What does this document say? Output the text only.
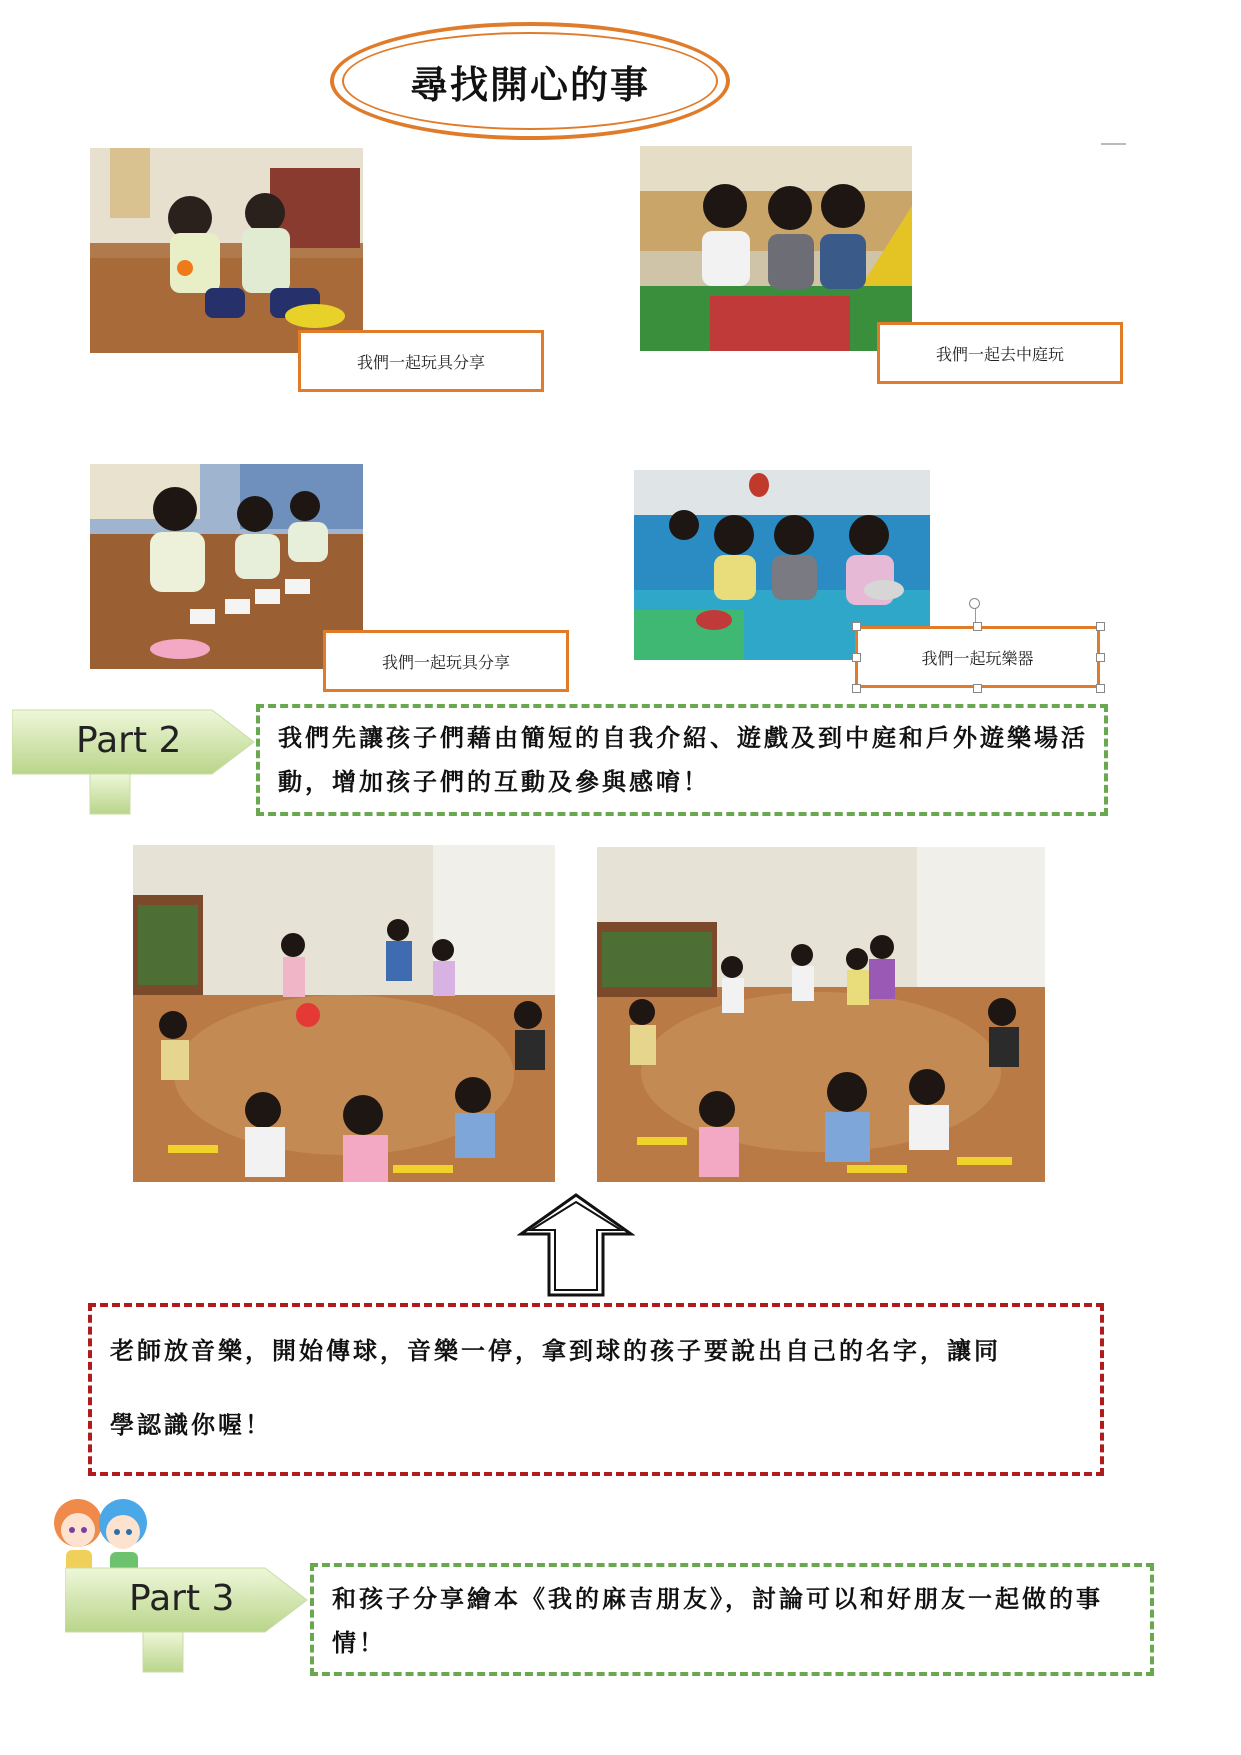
尋找開心的事
我們一起玩具分享	我們一起去中庭玩
我們一起玩具分享	我們一起玩樂器
Part 2	我們先讓孩子們藉由簡短的自我介紹、遊戲及到中庭和戶外遊樂場活動，增加孩子們的互動及參與感唷！
老師放音樂，開始傳球，音樂一停，拿到球的孩子要說出自己的名字，讓同
學認識你喔！
Part 3	和孩子分享繪本《我的麻吉朋友》，討論可以和好朋友一起做的事情！
